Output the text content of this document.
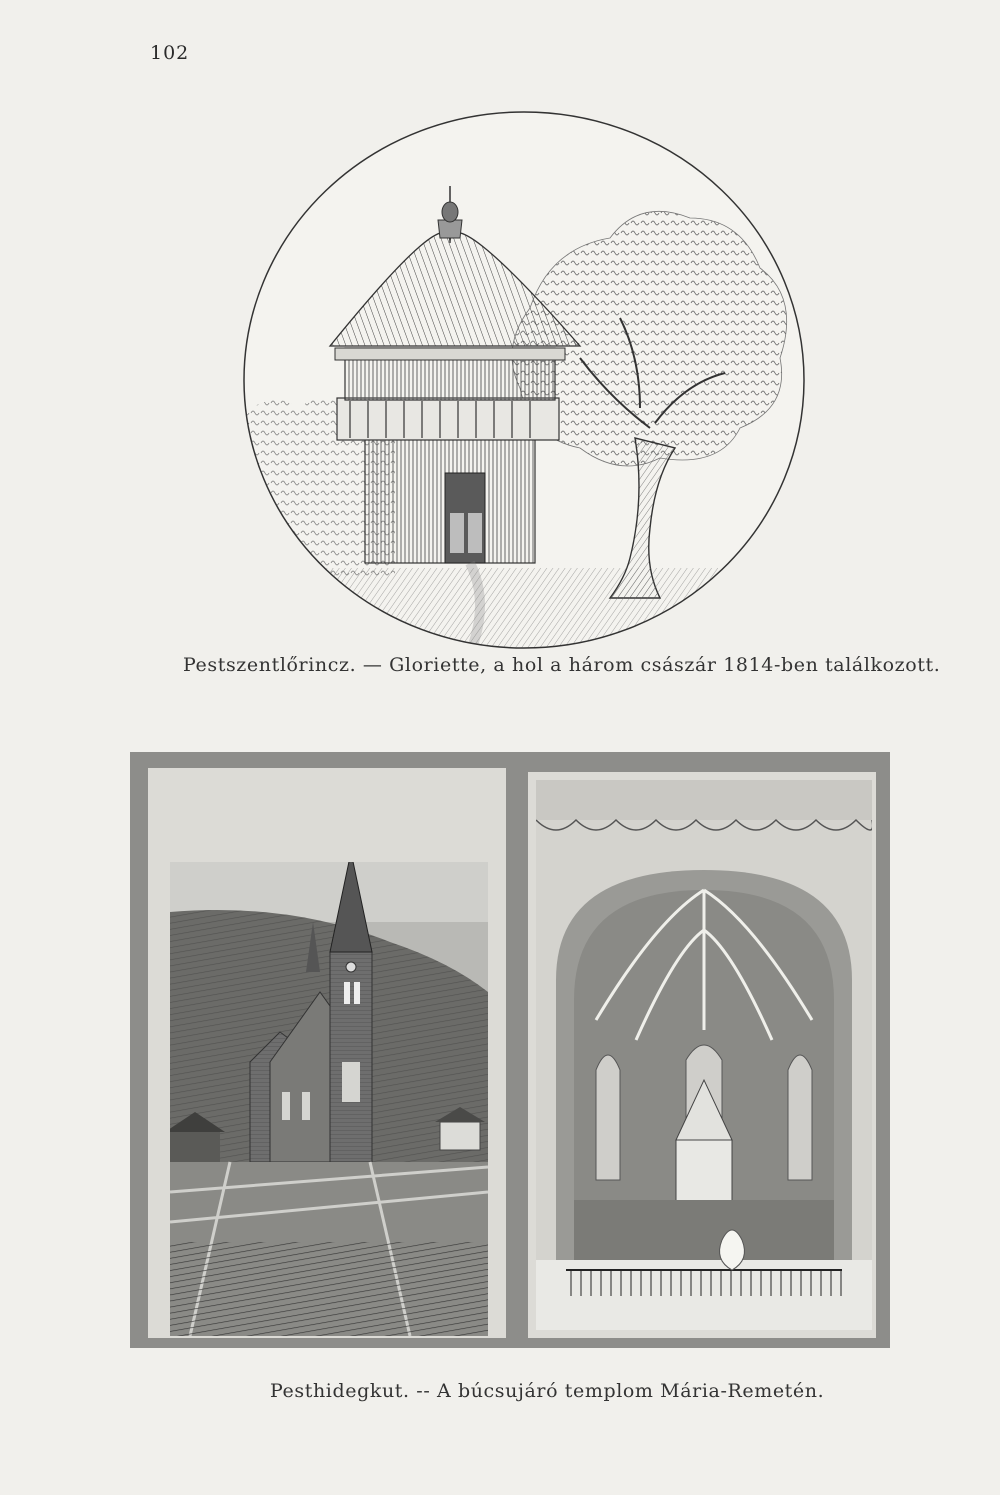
102
Pestszentlőrincz. — Gloriette, a hol a három császár 1814-ben találkozott.
Pesthidegkut. -- A búcsujáró templom Mária-Remetén.
